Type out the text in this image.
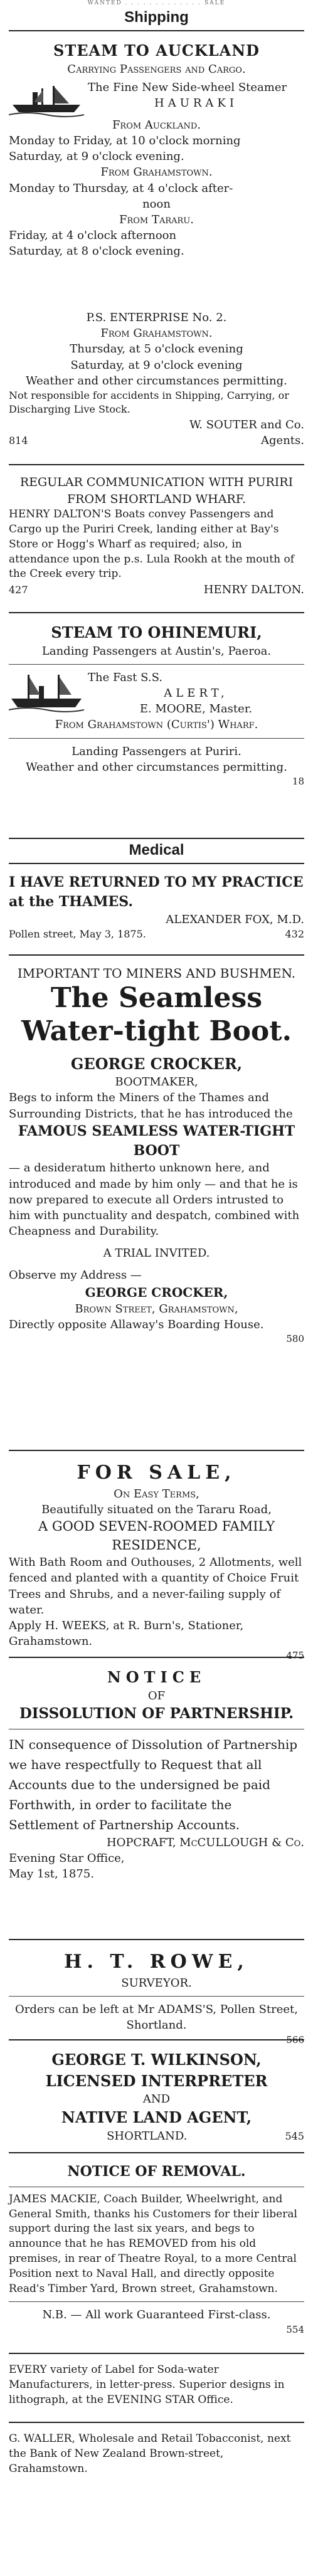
WANTED . . . . . . . . . . . . . SALE
Shipping
STEAM TO AUCKLAND
Carrying Passengers and Cargo.
The Fine New Side-wheel Steamer
HAURAKI
From Auckland.
Monday to Friday, at 10 o'clock morning
Saturday, at 9 o'clock evening.
From Grahamstown.
Monday to Thursday, at 4 o'clock after-
noon
From Tararu.
Friday, at 4 o'clock afternoon
Saturday, at 8 o'clock evening.
P.S. ENTERPRISE No. 2.
From Grahamstown.
Thursday, at 5 o'clock evening
Saturday, at 9 o'clock evening
Weather and other circumstances permitting.
Not responsible for accidents in Shipping, Carrying, or Discharging Live Stock.
W. SOUTER and Co.
814	Agents.
REGULAR COMMUNICATION WITH PURIRI FROM SHORTLAND WHARF.
HENRY DALTON'S Boats convey Passengers and Cargo up the Puriri Creek, landing either at Bay's Store or Hogg's Wharf as required; also, in attendance upon the p.s. Lula Rookh at the mouth of the Creek every trip.
427	HENRY DALTON.
STEAM TO OHINEMURI,
Landing Passengers at Austin's, Paeroa.
The Fast S.S.
ALERT,
E. MOORE, Master.
From Grahamstown (Curtis') Wharf.
Landing Passengers at Puriri.
Weather and other circumstances permitting.
18
Medical
I HAVE RETURNED TO MY PRACTICE at the THAMES.
ALEXANDER FOX, M.D.
Pollen street, May 3, 1875.	432
IMPORTANT TO MINERS AND BUSHMEN.
The Seamless Water-tight Boot.
GEORGE CROCKER,
BOOTMAKER,
Begs to inform the Miners of the Thames and Surrounding Districts, that he has introduced the
FAMOUS SEAMLESS WATER-TIGHT BOOT
— a desideratum hitherto unknown here, and introduced and made by him only — and that he is now prepared to execute all Orders intrusted to him with punctuality and despatch, combined with Cheapness and Durability.
A TRIAL INVITED.
Observe my Address —
GEORGE CROCKER,
Brown Street, Grahamstown,
Directly opposite Allaway's Boarding House.
580
FOR SALE,
On Easy Terms,
Beautifully situated on the Tararu Road,
A GOOD SEVEN-ROOMED FAMILY RESIDENCE,
With Bath Room and Outhouses, 2 Allotments, well fenced and planted with a quantity of Choice Fruit Trees and Shrubs, and a never-failing supply of water.
Apply H. WEEKS, at R. Burn's, Stationer, Grahamstown.
475
NOTICE
OF
DISSOLUTION OF PARTNERSHIP.
IN consequence of Dissolution of Partnership we have respectfully to Request that all Accounts due to the undersigned be paid Forthwith, in order to facilitate the Settlement of Partnership Accounts.
HOPCRAFT, McCULLOUGH & Co.
Evening Star Office,
May 1st, 1875.
H. T. ROWE,
SURVEYOR.
Orders can be left at Mr ADAMS'S, Pollen Street, Shortland.
566
GEORGE T. WILKINSON,
LICENSED INTERPRETER
AND
NATIVE LAND AGENT,
SHORTLAND.	545
NOTICE OF REMOVAL.
JAMES MACKIE, Coach Builder, Wheelwright, and General Smith, thanks his Customers for their liberal support during the last six years, and begs to announce that he has REMOVED from his old premises, in rear of Theatre Royal, to a more Central Position next to Naval Hall, and directly opposite Read's Timber Yard, Brown street, Grahamstown.
N.B. — All work Guaranteed First-class.
554
EVERY variety of Label for Soda-water Manufacturers, in letter-press. Superior designs in lithograph, at the EVENING STAR Office.
G. WALLER, Wholesale and Retail Tobacconist, next the Bank of New Zealand Brown-street, Grahamstown.
